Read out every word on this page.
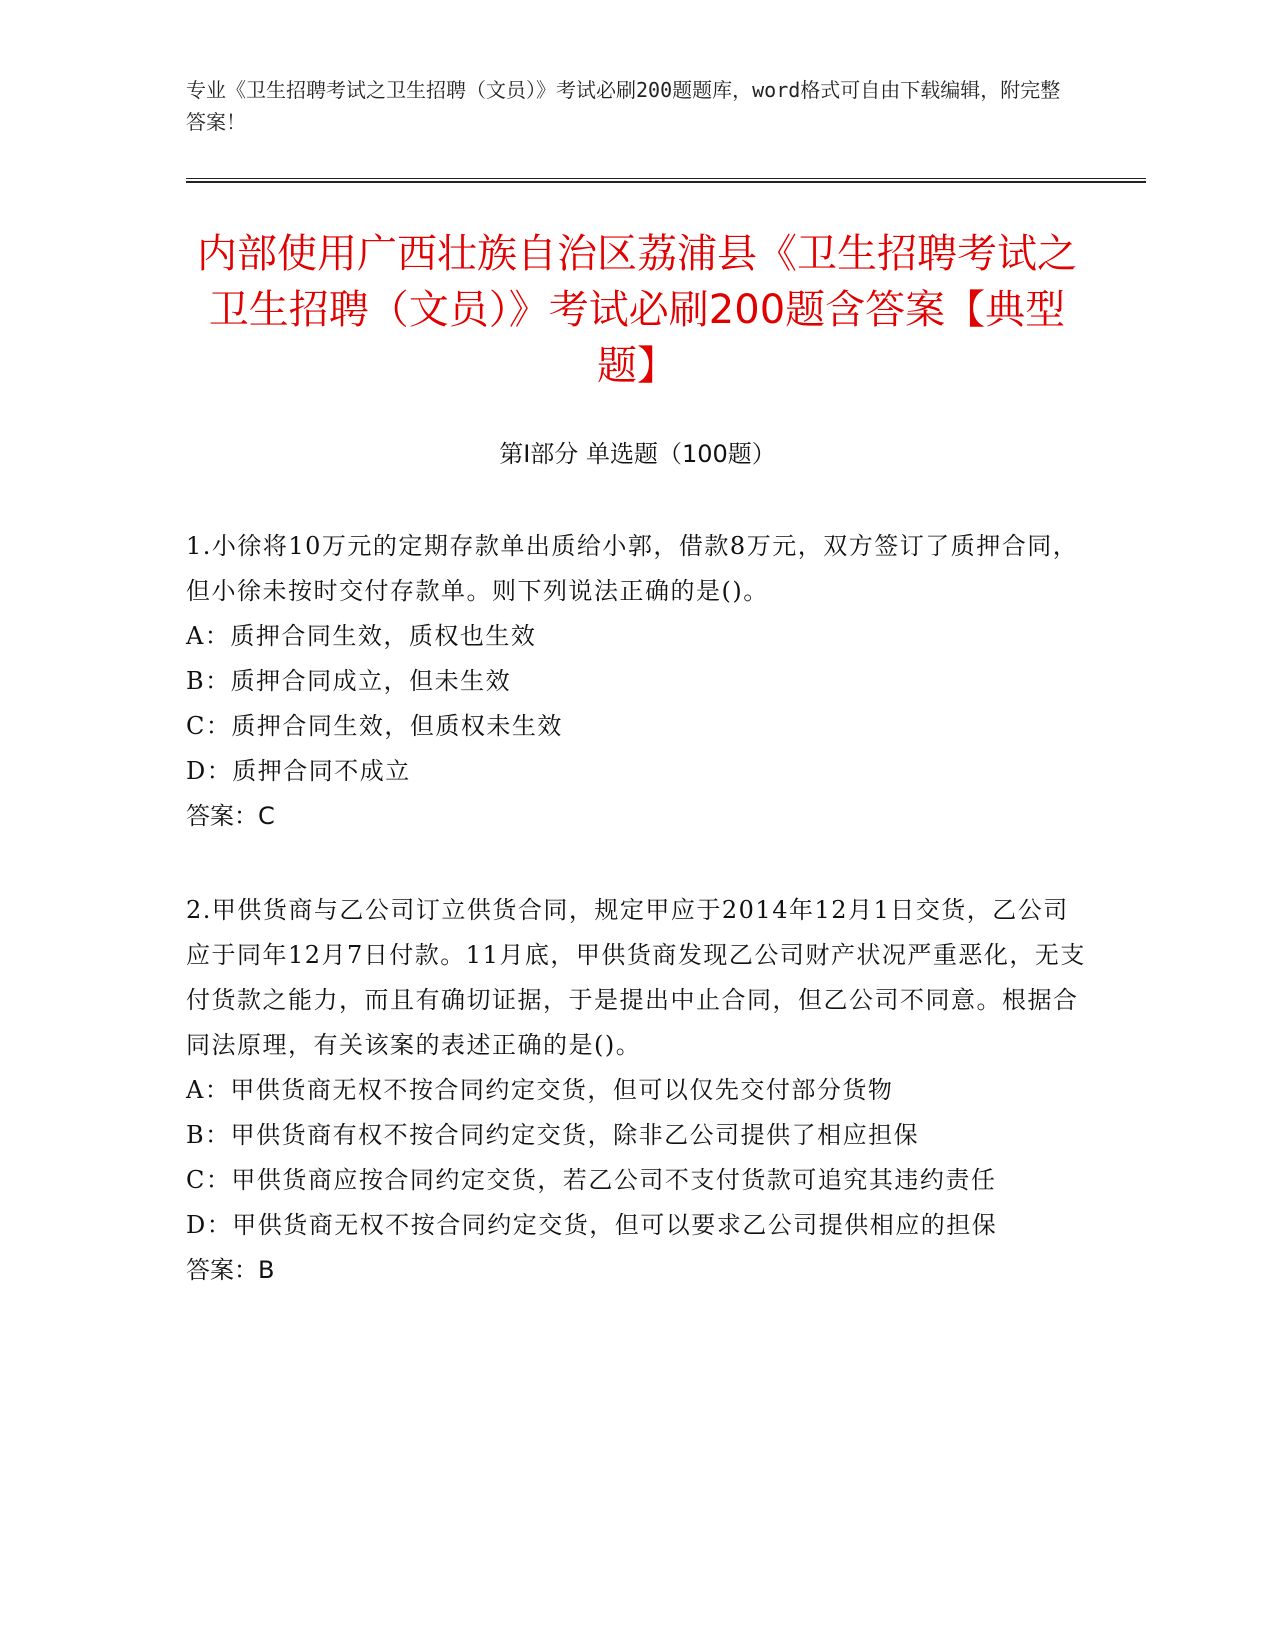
专业《卫生招聘考试之卫生招聘（文员）》考试必刷200题题库，word格式可自由下载编辑，附完整答案！
内部使用广西壮族自治区荔浦县《卫生招聘考试之卫生招聘（文员）》考试必刷200题含答案【典型题】
第Ⅰ部分 单选题（100题）

1.小徐将10万元的定期存款单出质给小郭，借款8万元，双方签订了质押合同，但小徐未按时交付存款单。则下列说法正确的是()。

A：质押合同生效，质权也生效

B：质押合同成立，但未生效

C：质押合同生效，但质权未生效

D：质押合同不成立

答案：C

2.甲供货商与乙公司订立供货合同，规定甲应于2014年12月1日交货，乙公司应于同年12月7日付款。11月底，甲供货商发现乙公司财产状况严重恶化，无支付货款之能力，而且有确切证据，于是提出中止合同，但乙公司不同意。根据合同法原理，有关该案的表述正确的是()。

A：甲供货商无权不按合同约定交货，但可以仅先交付部分货物

B：甲供货商有权不按合同约定交货，除非乙公司提供了相应担保

C：甲供货商应按合同约定交货，若乙公司不支付货款可追究其违约责任

D：甲供货商无权不按合同约定交货，但可以要求乙公司提供相应的担保

答案：B
